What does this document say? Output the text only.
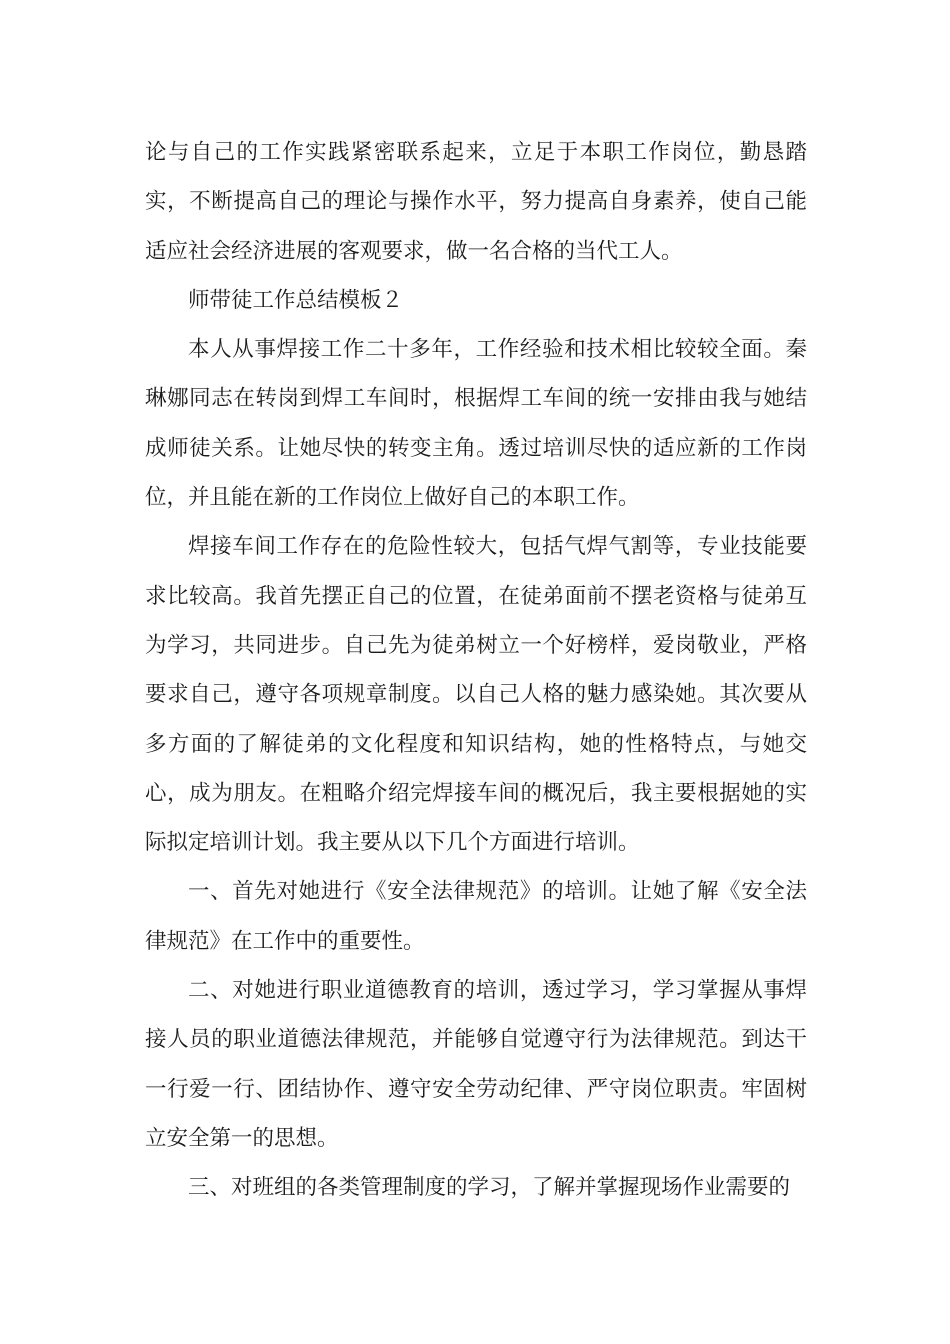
论与自己的工作实践紧密联系起来，立足于本职工作岗位，勤恳踏实，不断提高自己的理论与操作水平，努力提高自身素养，使自己能适应社会经济进展的客观要求，做一名合格的当代工人。

师带徒工作总结模板２

本人从事焊接工作二十多年，工作经验和技术相比较较全面。秦琳娜同志在转岗到焊工车间时，根据焊工车间的统一安排由我与她结成师徒关系。让她尽快的转变主角。透过培训尽快的适应新的工作岗位，并且能在新的工作岗位上做好自己的本职工作。

焊接车间工作存在的危险性较大，包括气焊气割等，专业技能要求比较高。我首先摆正自己的位置，在徒弟面前不摆老资格与徒弟互为学习，共同进步。自己先为徒弟树立一个好榜样，爱岗敬业，严格要求自己，遵守各项规章制度。以自己人格的魅力感染她。其次要从多方面的了解徒弟的文化程度和知识结构，她的性格特点，与她交心，成为朋友。在粗略介绍完焊接车间的概况后，我主要根据她的实际拟定培训计划。我主要从以下几个方面进行培训。

一、首先对她进行《安全法律规范》的培训。让她了解《安全法律规范》在工作中的重要性。

二、对她进行职业道德教育的培训，透过学习，学习掌握从事焊接人员的职业道德法律规范，并能够自觉遵守行为法律规范。到达干一行爱一行、团结协作、遵守安全劳动纪律、严守岗位职责。牢固树立安全第一的思想。

三、对班组的各类管理制度的学习，了解并掌握现场作业需要的
